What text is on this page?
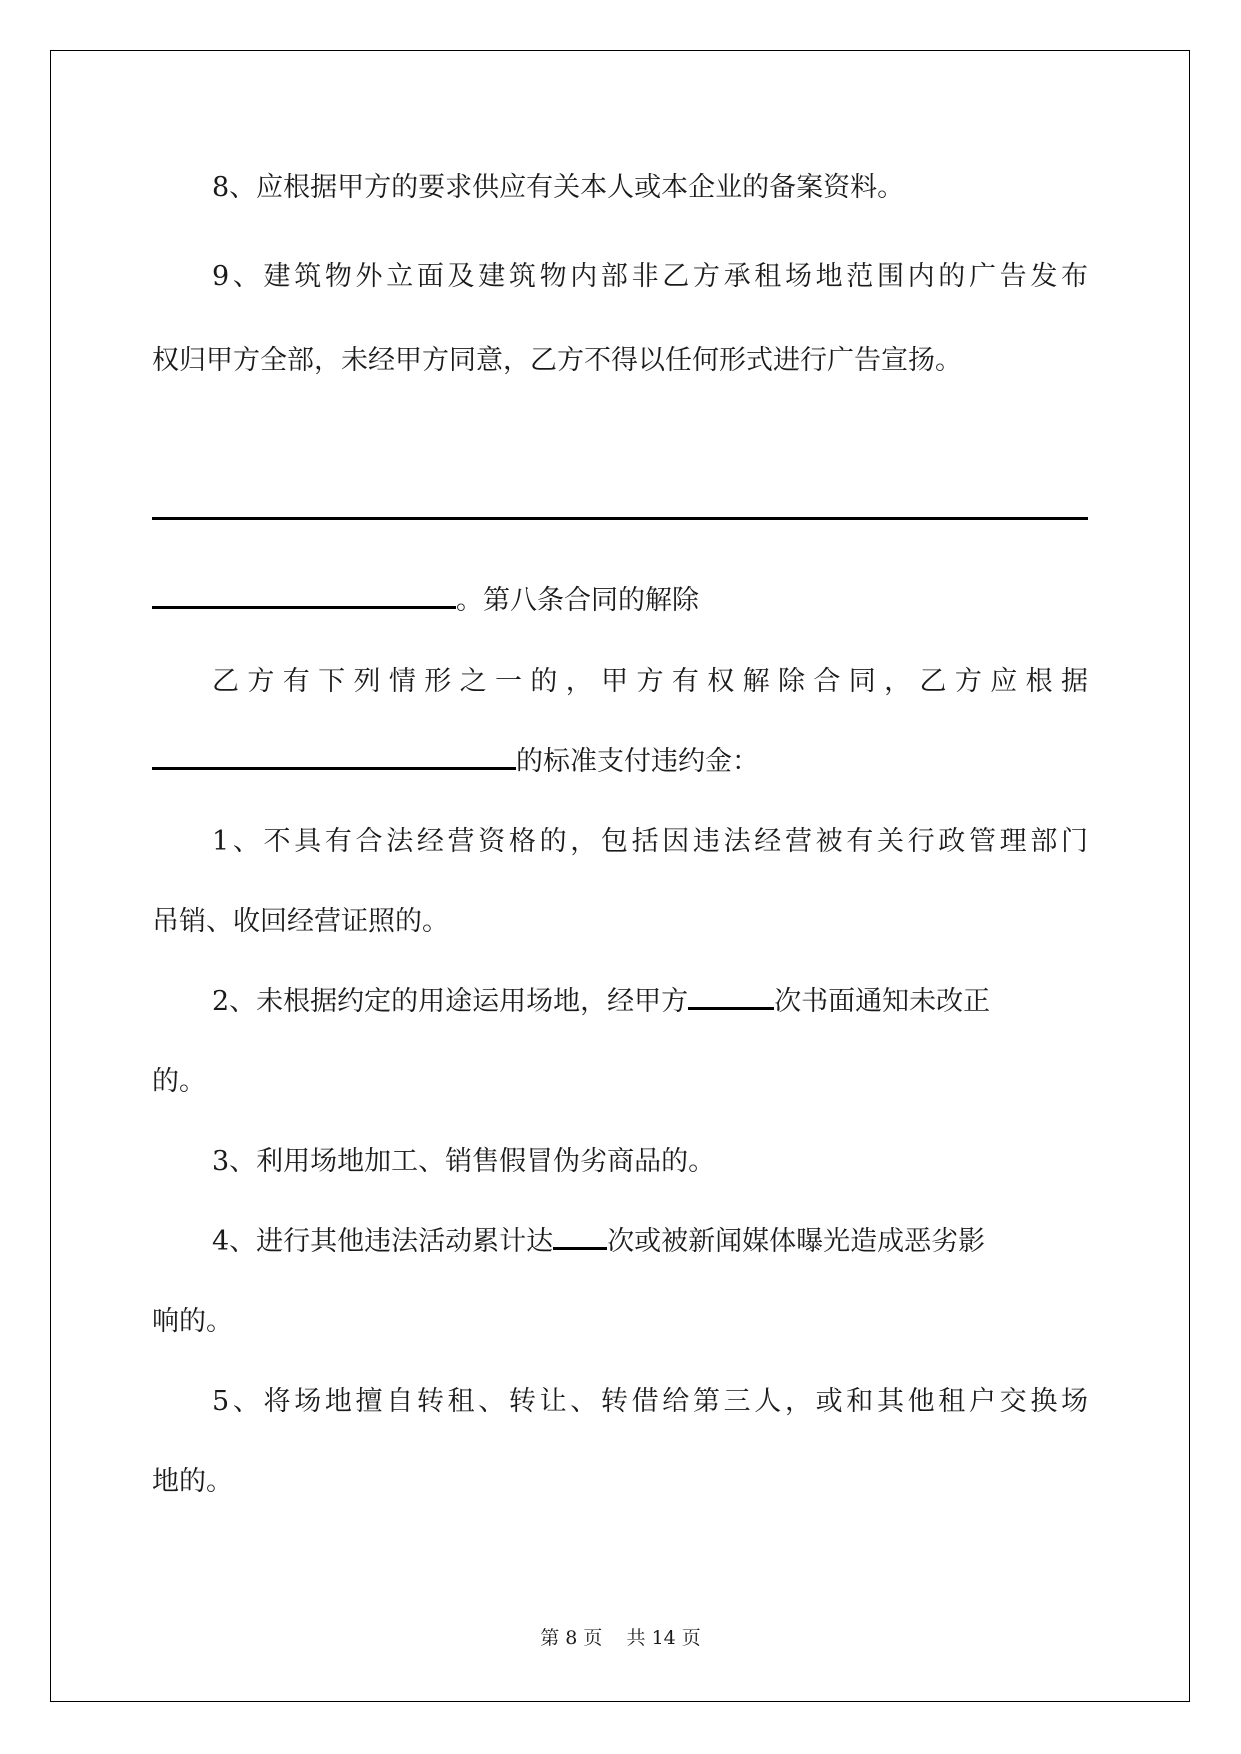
8、应根据甲方的要求供应有关本人或本企业的备案资料。
9、建筑物外立面及建筑物内部非乙方承租场地范围内的广告发布
权归甲方全部，未经甲方同意，乙方不得以任何形式进行广告宣扬。
。第八条合同的解除
乙方有下列情形之一的，甲方有权解除合同，乙方应根据
的标准支付违约金：
1、不具有合法经营资格的，包括因违法经营被有关行政管理部门
吊销、收回经营证照的。
2、未根据约定的用途运用场地，经甲方	次书面通知未改正
的。
3、利用场地加工、销售假冒伪劣商品的。
4、进行其他违法活动累计达 次或被新闻媒体曝光造成恶劣影
响的。
5、将场地擅自转租、转让、转借给第三人，或和其他租户交换场
地的。
第 8 页 共 14 页
